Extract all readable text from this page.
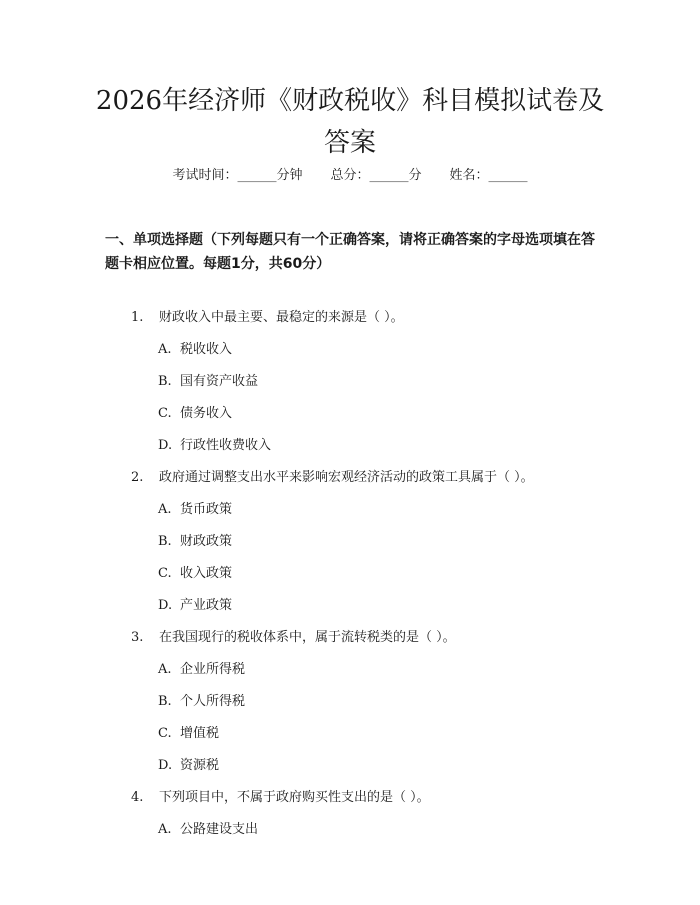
2026年经济师《财政税收》科目模拟试卷及答案
考试时间：______分钟 总分：______分 姓名：______
一、单项选择题（下列每题只有一个正确答案，请将正确答案的字母选项填在答题卡相应位置。每题1分，共60分）
1. 财政收入中最主要、最稳定的来源是（ ）。
A. 税收收入
B. 国有资产收益
C. 债务收入
D. 行政性收费收入
2. 政府通过调整支出水平来影响宏观经济活动的政策工具属于（ ）。
A. 货币政策
B. 财政政策
C. 收入政策
D. 产业政策
3. 在我国现行的税收体系中，属于流转税类的是（ ）。
A. 企业所得税
B. 个人所得税
C. 增值税
D. 资源税
4. 下列项目中，不属于政府购买性支出的是（ ）。
A. 公路建设支出
